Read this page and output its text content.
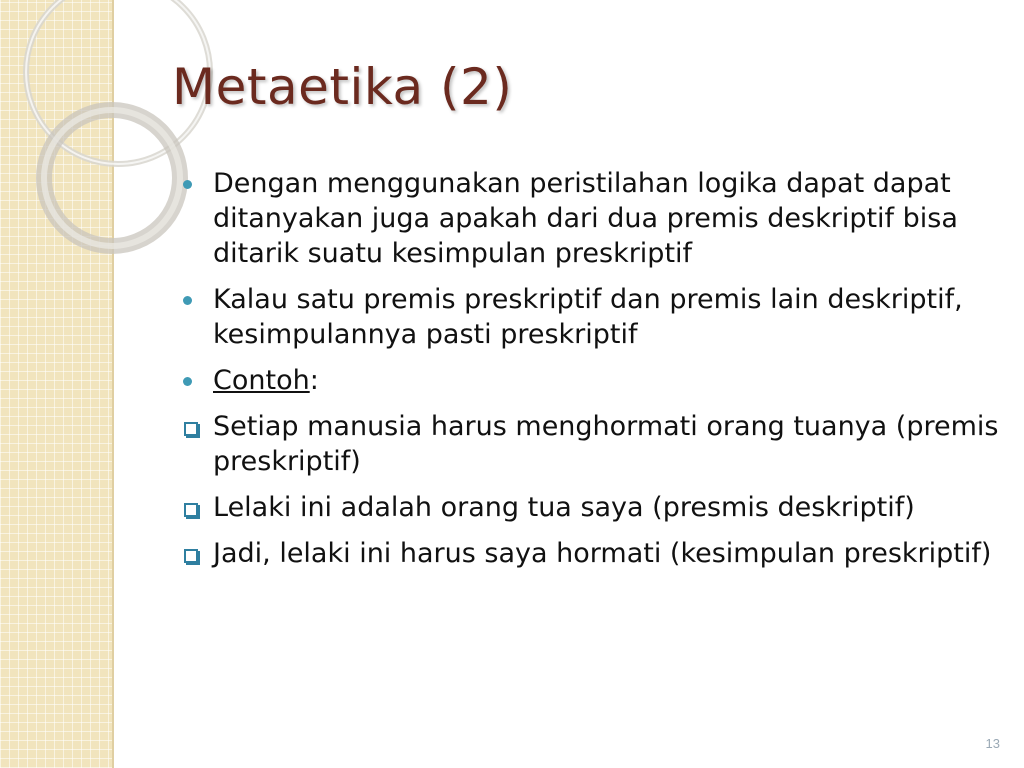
Metaetika (2)
Dengan menggunakan peristilahan logika dapat dapat ditanyakan juga apakah dari dua premis deskriptif bisa ditarik suatu kesimpulan preskriptif
Kalau satu premis preskriptif dan premis lain deskriptif, kesimpulannya pasti preskriptif
Contoh:
Setiap manusia harus menghormati orang tuanya (premis preskriptif)
Lelaki ini adalah orang tua saya (presmis deskriptif)
Jadi, lelaki ini harus saya hormati (kesimpulan preskriptif)
13
